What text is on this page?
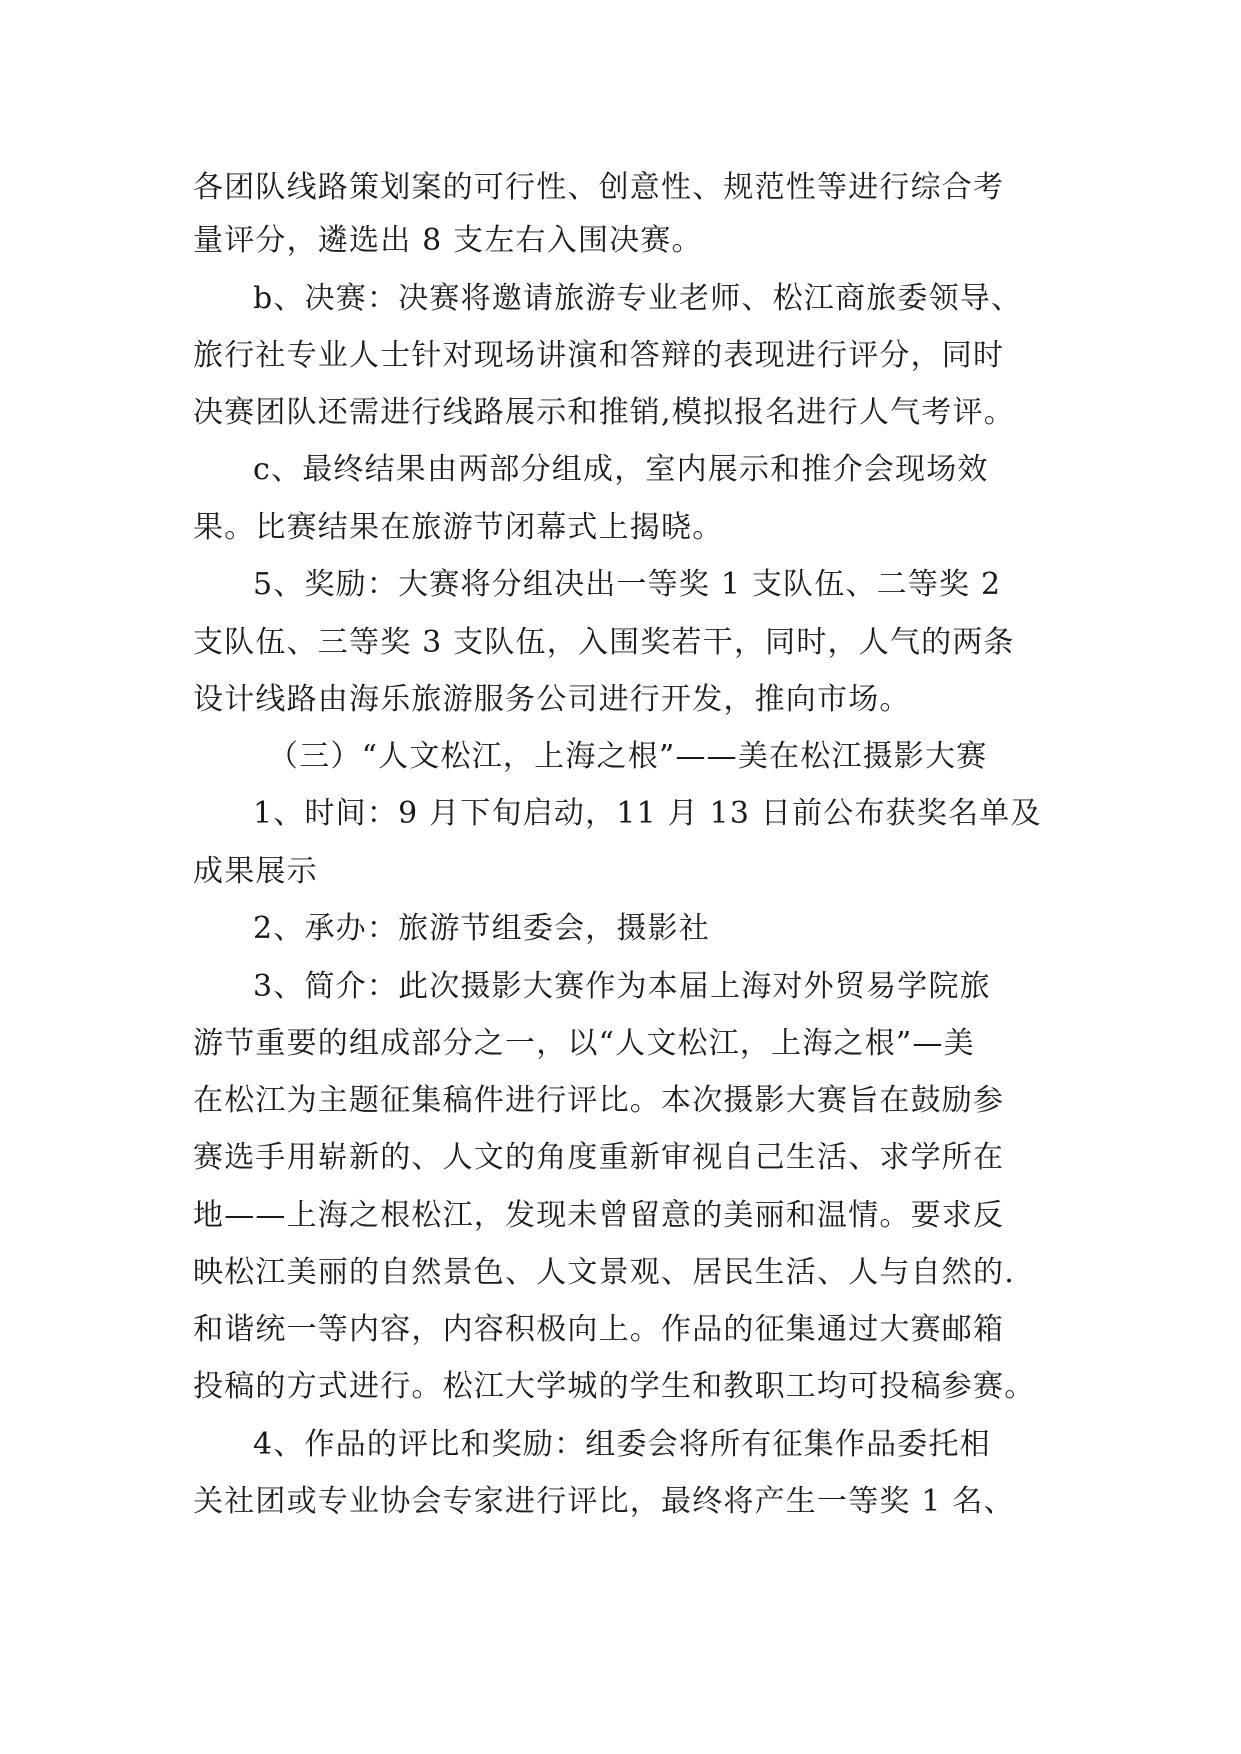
各团队线路策划案的可行性、创意性、规范性等进行综合考
量评分，遴选出 8 支左右入围决赛。
b、决赛：决赛将邀请旅游专业老师、松江商旅委领导、
旅行社专业人士针对现场讲演和答辩的表现进行评分，同时
决赛团队还需进行线路展示和推销,模拟报名进行人气考评。
c、最终结果由两部分组成，室内展示和推介会现场效
果。比赛结果在旅游节闭幕式上揭晓。
5、奖励：大赛将分组决出一等奖 1 支队伍、二等奖 2
支队伍、三等奖 3 支队伍，入围奖若干，同时，人气的两条
设计线路由海乐旅游服务公司进行开发，推向市场。
（三）“人文松江，上海之根”——美在松江摄影大赛
1、时间：9 月下旬启动，11 月 13 日前公布获奖名单及
成果展示
2、承办：旅游节组委会，摄影社
3、简介：此次摄影大赛作为本届上海对外贸易学院旅
游节重要的组成部分之一，以“人文松江，上海之根”—美
在松江为主题征集稿件进行评比。本次摄影大赛旨在鼓励参
赛选手用崭新的、人文的角度重新审视自己生活、求学所在
地——上海之根松江，发现未曾留意的美丽和温情。要求反
映松江美丽的自然景色、人文景观、居民生活、人与自然的.
和谐统一等内容，内容积极向上。作品的征集通过大赛邮箱
投稿的方式进行。松江大学城的学生和教职工均可投稿参赛。
4、作品的评比和奖励：组委会将所有征集作品委托相
关社团或专业协会专家进行评比，最终将产生一等奖 1 名、
